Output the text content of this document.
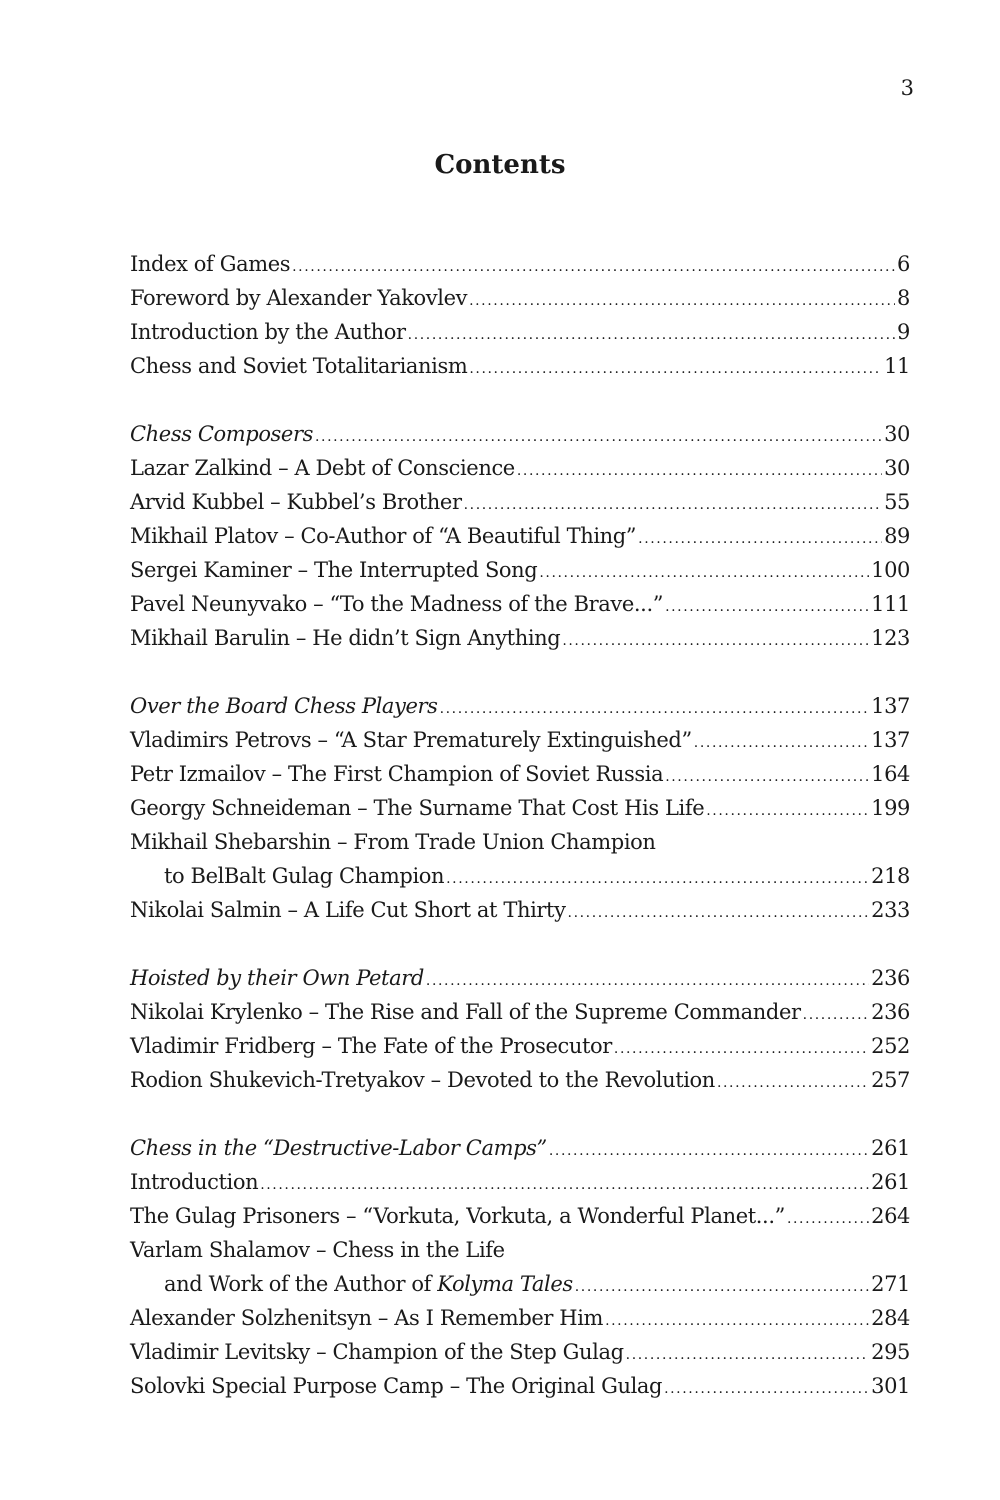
3
Contents
Index of Games .....	6
Foreword by Alexander Yakovlev .....	8
Introduction by the Author .....	9
Chess and Soviet Totalitarianism .....	11
Chess Composers .....	30
Lazar Zalkind – A Debt of Conscience .....	30
Arvid Kubbel – Kubbel’s Brother .....	55
Mikhail Platov – Co-Author of “A Beautiful Thing” .....	89
Sergei Kaminer – The Interrupted Song .....	100
Pavel Neunyvako – “To the Madness of the Brave...” .....	111
Mikhail Barulin – He didn’t Sign Anything .....	123
Over the Board Chess Players .....	137
Vladimirs Petrovs – “A Star Prematurely Extinguished” .....	137
Petr Izmailov – The First Champion of Soviet Russia .....	164
Georgy Schneideman – The Surname That Cost His Life .....	199
Mikhail Shebarshin – From Trade Union Champion
to BelBalt Gulag Champion .....	218
Nikolai Salmin – A Life Cut Short at Thirty .....	233
Hoisted by their Own Petard .....	236
Nikolai Krylenko – The Rise and Fall of the Supreme Commander .....	236
Vladimir Fridberg – The Fate of the Prosecutor .....	252
Rodion Shukevich-Tretyakov – Devoted to the Revolution .....	257
Chess in the “Destructive-Labor Camps” .....	261
Introduction .....	261
The Gulag Prisoners – “Vorkuta, Vorkuta, a Wonderful Planet...” .....	264
Varlam Shalamov – Chess in the Life
and Work of the Author of Kolyma Tales .....	271
Alexander Solzhenitsyn – As I Remember Him .....	284
Vladimir Levitsky – Champion of the Step Gulag .....	295
Solovki Special Purpose Camp – The Original Gulag .....	301
